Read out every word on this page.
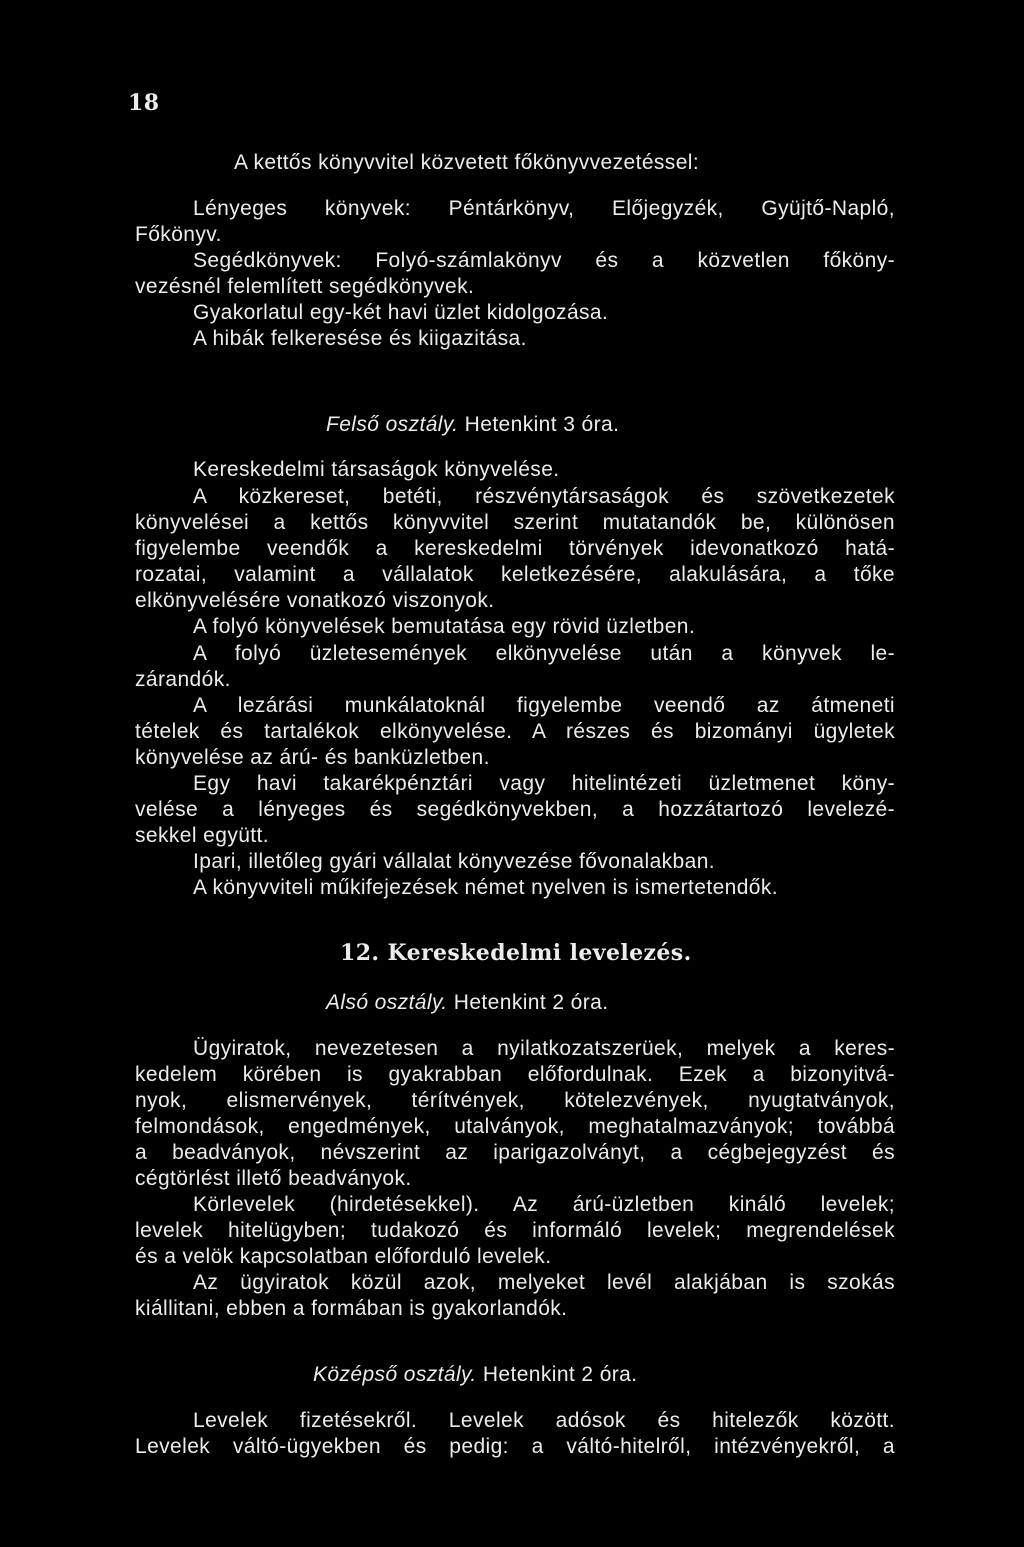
18
A kettős könyvvitel közvetett főkönyvvezetéssel:
Lényeges könyvek: Péntárkönyv, Előjegyzék, Gyüjtő-Napló,
Főkönyv.
Segédkönyvek: Folyó-számlakönyv és a közvetlen főköny-
vezésnél felemlített segédkönyvek.
Gyakorlatul egy-két havi üzlet kidolgozása.
A hibák felkeresése és kiigazitása.
Felső osztály. Hetenkint 3 óra.
Kereskedelmi társaságok könyvelése.
A közkereset, betéti, részvénytársaságok és szövetkezetek
könyvelései a kettős könyvvitel szerint mutatandók be, különösen
figyelembe veendők a kereskedelmi törvények idevonatkozó hatá-
rozatai, valamint a vállalatok keletkezésére, alakulására, a tőke
elkönyvelésére vonatkozó viszonyok.
A folyó könyvelések bemutatása egy rövid üzletben.
A folyó üzletesemények elkönyvelése után a könyvek le-
zárandók.
A lezárási munkálatoknál figyelembe veendő az átmeneti
tételek és tartalékok elkönyvelése. A részes és bizományi ügyletek
könyvelése az árú- és banküzletben.
Egy havi takarékpénztári vagy hitelintézeti üzletmenet köny-
velése a lényeges és segédkönyvekben, a hozzátartozó levelezé-
sekkel együtt.
Ipari, illetőleg gyári vállalat könyvezése fővonalakban.
A könyvviteli műkifejezések német nyelven is ismertetendők.
12. Kereskedelmi levelezés.
Alsó osztály. Hetenkint 2 óra.
Ügyiratok, nevezetesen a nyilatkozatszerüek, melyek a keres-
kedelem körében is gyakrabban előfordulnak. Ezek a bizonyitvá-
nyok, elismervények, térítvények, kötelezvények, nyugtatványok,
felmondások, engedmények, utalványok, meghatalmazványok; továbbá
a beadványok, névszerint az iparigazolványt, a cégbejegyzést és
cégtörlést illető beadványok.
Körlevelek (hirdetésekkel). Az árú-üzletben kináló levelek;
levelek hitelügyben; tudakozó és informáló levelek; megrendelések
és a velök kapcsolatban előforduló levelek.
Az ügyiratok közül azok, melyeket levél alakjában is szokás
kiállitani, ebben a formában is gyakorlandók.
Középső osztály. Hetenkint 2 óra.
Levelek fizetésekről. Levelek adósok és hitelezők között.
Levelek váltó-ügyekben és pedig: a váltó-hitelről, intézvényekről, a
